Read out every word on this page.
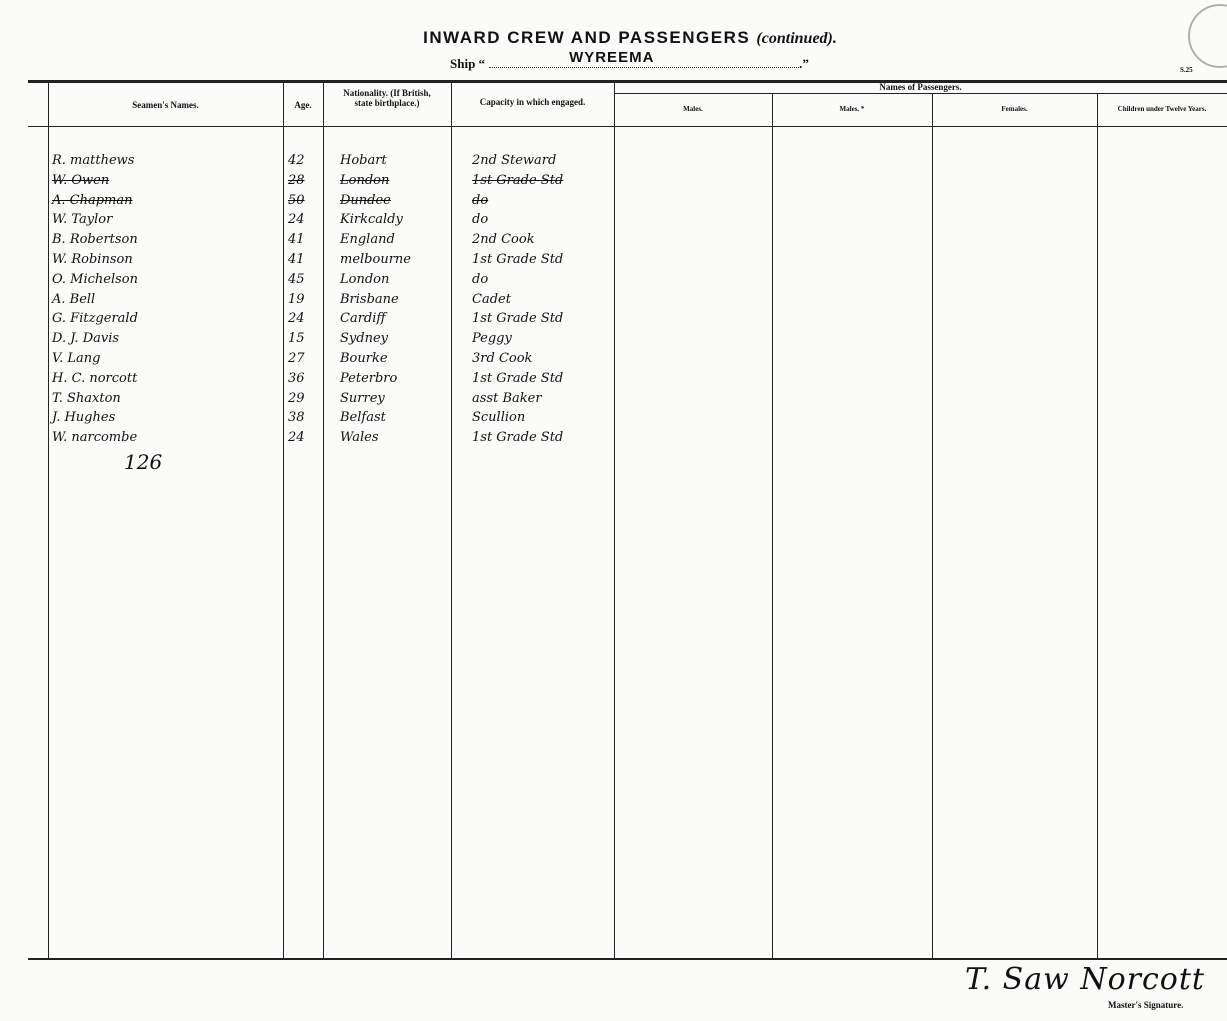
S.25
INWARD CREW AND PASSENGERS (continued).
Ship “	WYREEMA	.”
Seamen's Names.	Age.
Nationality. (If British, state birthplace.)	Capacity in which engaged.
Names of Passengers.
Males.	Males. *	Females.	Children under Twelve Years.
R. matthews	42	Hobart	2nd Steward
W. Owen	28	London	1st Grade Std
A. Chapman	50	Dundee	do
W. Taylor	24	Kirkcaldy	do
B. Robertson	41	England	2nd Cook
W. Robinson	41	melbourne	1st Grade Std
O. Michelson	45	London	do
A. Bell	19	Brisbane	Cadet
G. Fitzgerald	24	Cardiff	1st Grade Std
D. J. Davis	15	Sydney	Peggy
V. Lang	27	Bourke	3rd Cook
H. C. norcott	36	Peterbro	1st Grade Std
T. Shaxton	29	Surrey	asst Baker
J. Hughes	38	Belfast	Scullion
W. narcombe	24	Wales	1st Grade Std
126
T. Saw Norcott
Master's Signature.
